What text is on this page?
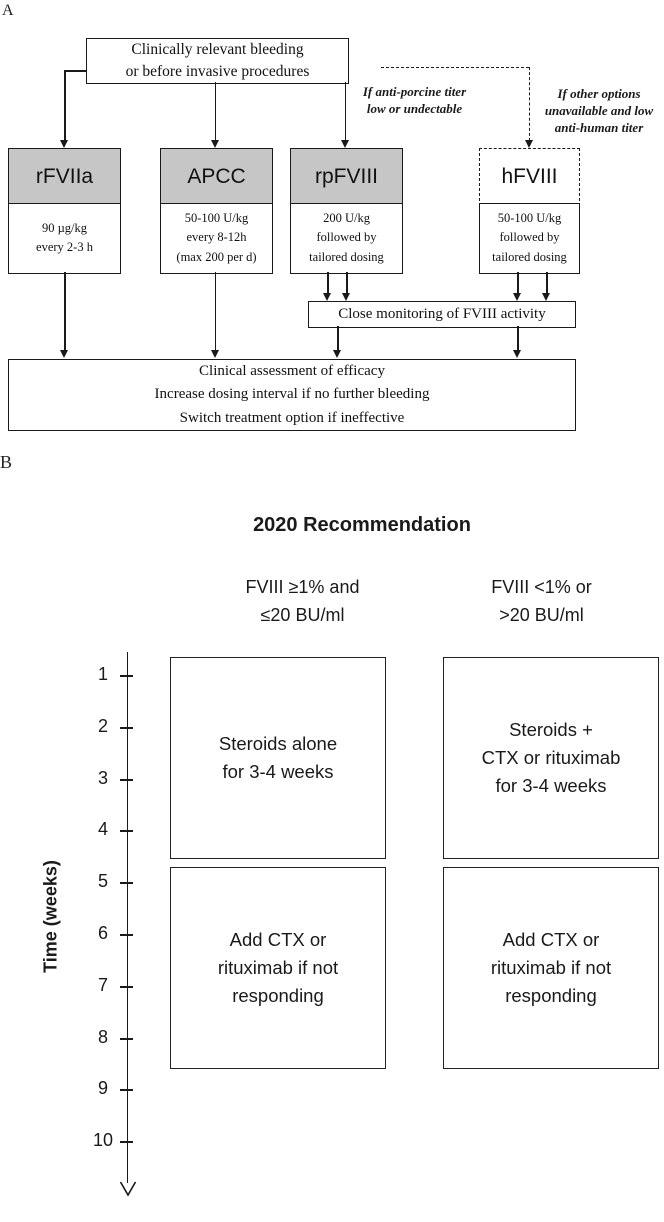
A
Clinically relevant bleeding
or before invasive procedures
If anti-porcine titer
low or undectable
If other options
unavailable and low
anti-human titer
rFVIIa	APCC	rpFVIII	hFVIII
90 µg/kg
every 2-3 h
50-100 U/kg
every 8-12h
(max 200 per d)
200 U/kg
followed by
tailored dosing
50-100 U/kg
followed by
tailored dosing
Close monitoring of FVIII activity
Clinical assessment of efficacy
Increase dosing interval if no further bleeding
Switch treatment option if ineffective
B
2020 Recommendation
FVIII ≥1% and
≤20 BU/ml
FVIII <1% or
>20 BU/ml
Time (weeks)
1
2
3
4
5
6
7
8
9
10
Steroids alone
for 3-4 weeks
Steroids +
CTX or rituximab
for 3-4 weeks
Add CTX or
rituximab if not
responding
Add CTX or
rituximab if not
responding
